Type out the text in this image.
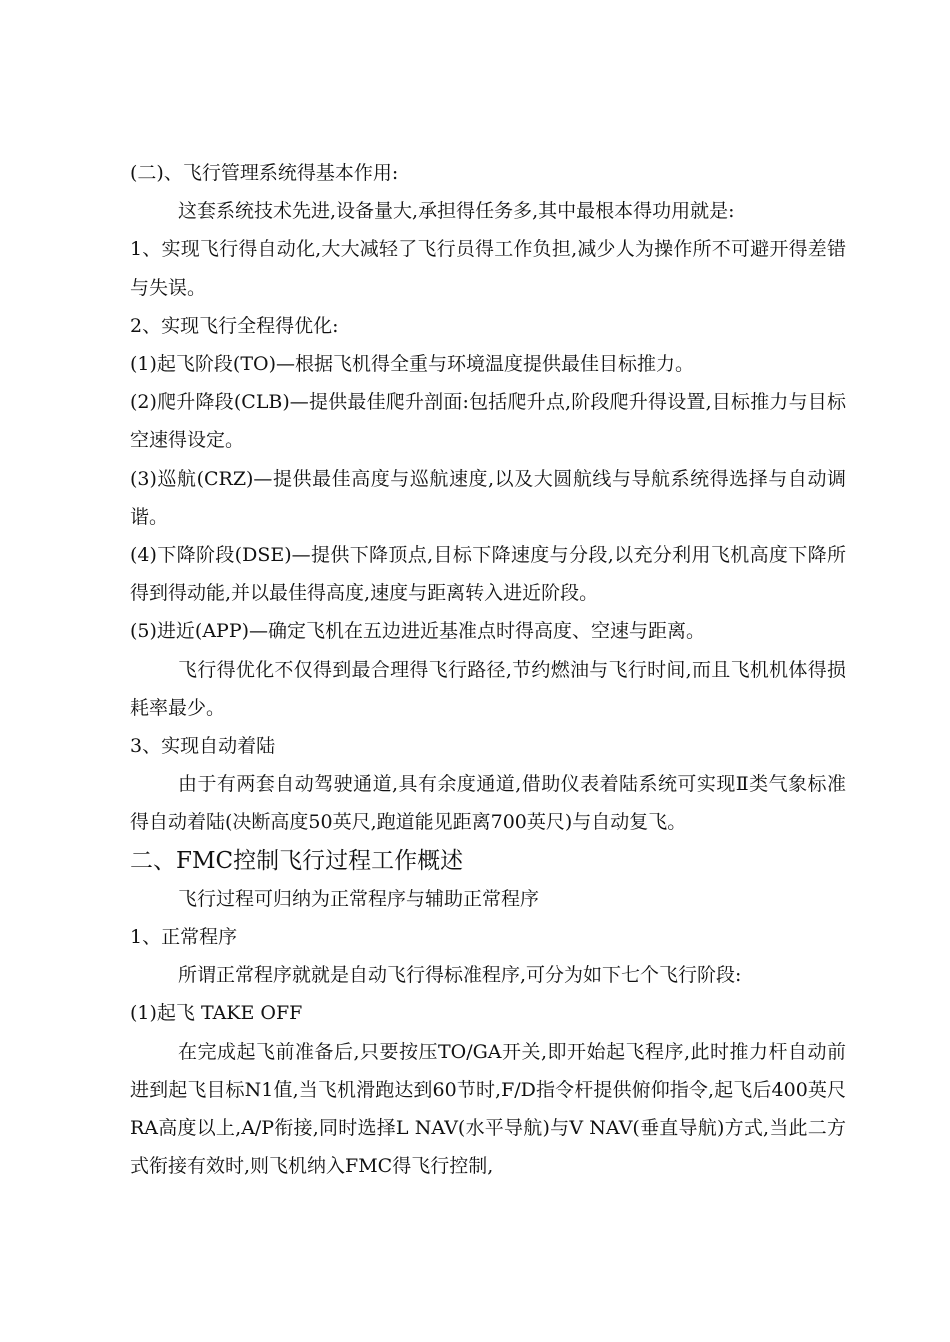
(二)、飞行管理系统得基本作用:

这套系统技术先进,设备量大,承担得任务多,其中最根本得功用就是:

1、实现飞行得自动化,大大减轻了飞行员得工作负担,减少人为操作所不可避开得差错与失误。

2、实现飞行全程得优化:

(1)起飞阶段(TO)—根据飞机得全重与环境温度提供最佳目标推力。

(2)爬升降段(CLB)—提供最佳爬升剖面:包括爬升点,阶段爬升得设置,目标推力与目标空速得设定。

(3)巡航(CRZ)—提供最佳高度与巡航速度,以及大圆航线与导航系统得选择与自动调谐。

(4)下降阶段(DSE)—提供下降顶点,目标下降速度与分段,以充分利用飞机高度下降所得到得动能,并以最佳得高度,速度与距离转入进近阶段。

(5)进近(APP)—确定飞机在五边进近基准点时得高度、空速与距离。

飞行得优化不仅得到最合理得飞行路径,节约燃油与飞行时间,而且飞机机体得损耗率最少。

3、实现自动着陆

由于有两套自动驾驶通道,具有余度通道,借助仪表着陆系统可实现Ⅱ类气象标准得自动着陆(决断高度50英尺,跑道能见距离700英尺)与自动复飞。

二、FMC控制飞行过程工作概述

飞行过程可归纳为正常程序与辅助正常程序

1、正常程序

所谓正常程序就就是自动飞行得标准程序,可分为如下七个飞行阶段:

(1)起飞 TAKE OFF

在完成起飞前准备后,只要按压TO/GA开关,即开始起飞程序,此时推力杆自动前进到起飞目标N1值,当飞机滑跑达到60节时,F/D指令杆提供俯仰指令,起飞后400英尺RA高度以上,A/P衔接,同时选择L NAV(水平导航)与V NAV(垂直导航)方式,当此二方式衔接有效时,则飞机纳入FMC得飞行控制,
